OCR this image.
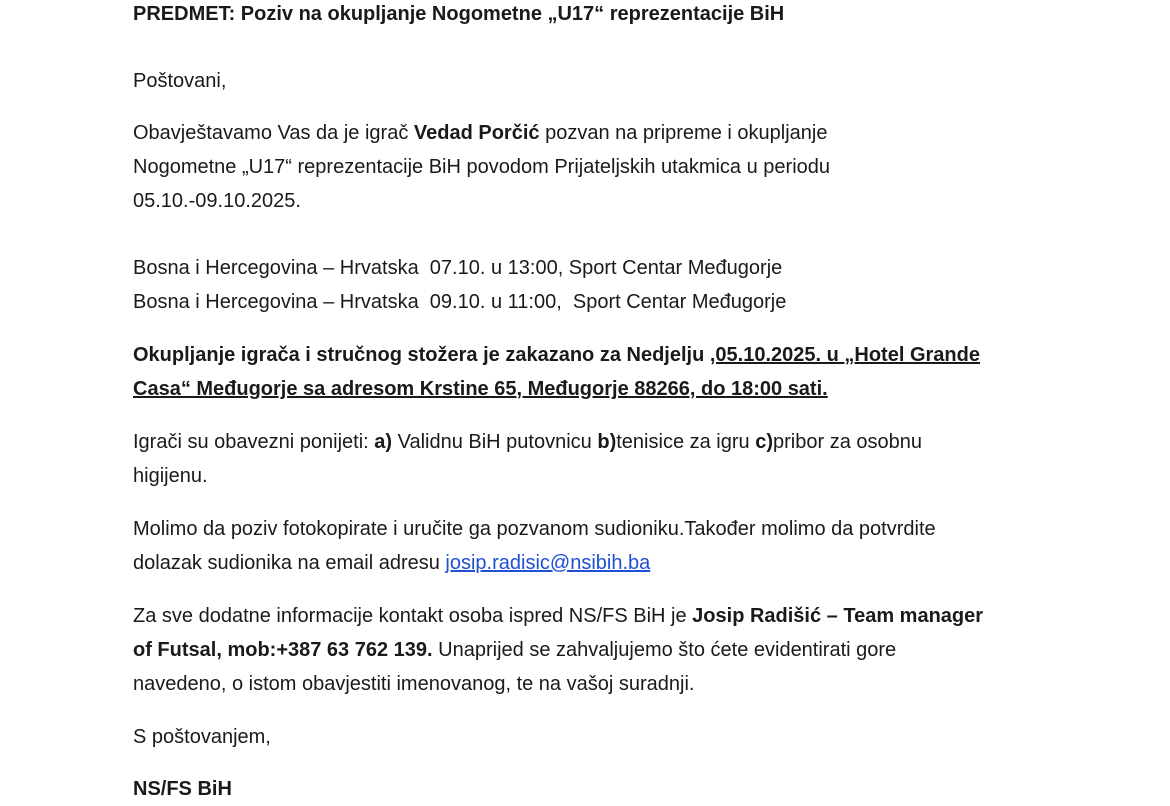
PREDMET: Poziv na okupljanje Nogometne „U17“ reprezentacije BiH

Poštovani,

Obavještavamo Vas da je igrač Vedad Porčić pozvan na pripreme i okupljanje
Nogometne „U17“ reprezentacije BiH povodom Prijateljskih utakmica u periodu
05.10.-09.10.2025.

Bosna i Hercegovina – Hrvatska  07.10. u 13:00, Sport Centar Međugorje

Bosna i Hercegovina – Hrvatska  09.10. u 11:00,  Sport Centar Međugorje

Okupljanje igrača i stručnog stožera je zakazano za Nedjelju ,05.10.2025. u „Hotel Grande
Casa“ Međugorje sa adresom Krstine 65, Međugorje 88266, do 18:00 sati.

Igrači su obavezni ponijeti: a) Validnu BiH putovnicu b)tenisice za igru c)pribor za osobnu
higijenu.

Molimo da poziv fotokopirate i uručite ga pozvanom sudioniku.Također molimo da potvrdite
dolazak sudionika na email adresu josip.radisic@nsibih.ba

Za sve dodatne informacije kontakt osoba ispred NS/FS BiH je Josip Radišić – Team manager
of Futsal, mob:+387 63 762 139. Unaprijed se zahvaljujemo što ćete evidentirati gore
navedeno, o istom obavjestiti imenovanog, te na vašoj suradnji.

S poštovanjem,

NS/FS BiH
